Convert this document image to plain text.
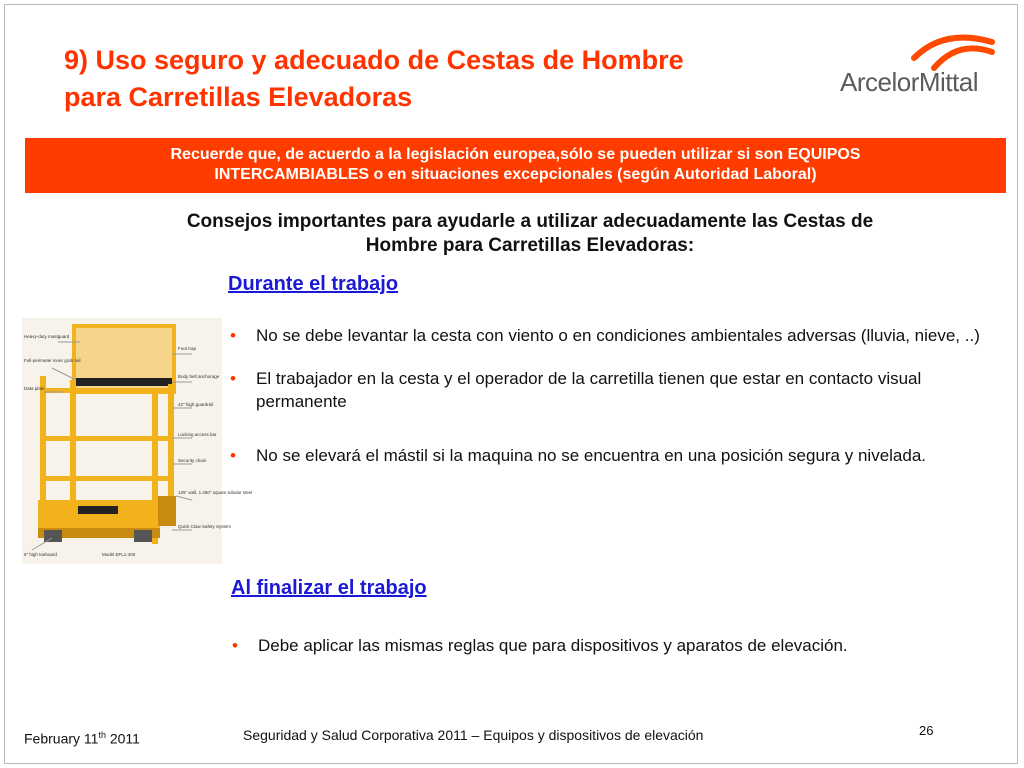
9) Uso seguro y adecuado de Cestas de Hombre
para Carretillas Elevadoras	ArcelorMittal
Recuerde que, de acuerdo a la legislación europea,sólo se pueden utilizar si son EQUIPOS
INTERCAMBIABLES o en situaciones excepcionales (según Autoridad Laboral)
Consejos importantes para ayudarle a utilizar adecuadamente las Cestas de
Hombre para Carretillas Elevadoras:
Durante el trabajo
• No se debe levantar la cesta con viento o en condiciones ambientales adversas (lluvia, nieve, ..)
• El trabajador en la cesta y el operador de la carretilla tienen que estar en contacto visual permanente
• No se elevará el mástil si la maquina no se encuentra en una posición segura y nivelada.
Al finalizar el trabajo
• Debe aplicar las mismas reglas que para dispositivos y aparatos de elevación.
Heavy-duty mastguard
Full-perimeter inner grab rail
Data plate
Foot trap
Body belt anchorage
42" high guardrail
Locking access bar
Security chain
125" wall, 1.250" square tubular steel
Quick Claw Safety System
6" high toeboard	Model EFL1-400
February 11th 2011	Seguridad y Salud Corporativa 2011 – Equipos y dispositivos de elevación	26
